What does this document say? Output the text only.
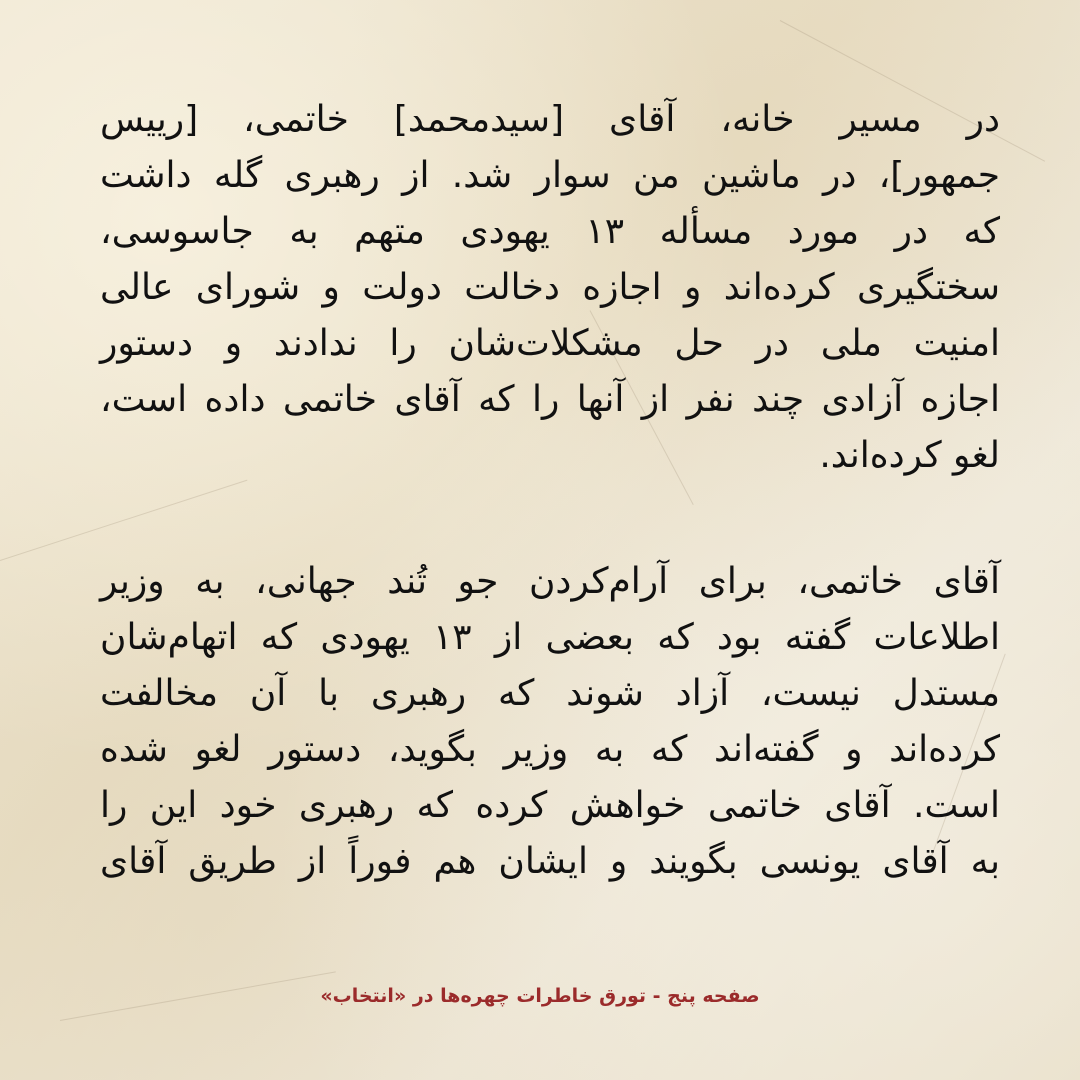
در مسیر خانه، آقای [سیدمحمد] خاتمی، [رییس
جمهور]، در ماشین من سوار شد. از رهبری گله داشت
که در مورد مسأله ۱۳ یهودی متهم به جاسوسی،
سختگیری کرده‌اند و اجازه دخالت دولت و شورای عالی
امنیت ملی در حل مشکلات‌شان را ندادند و دستور
اجازه آزادی چند نفر از آنها را که آقای خاتمی داده است،
لغو کرده‌اند.

آقای خاتمی، برای آرام‌کردن جو تُند جهانی، به وزیر
اطلاعات گفته بود که بعضی از ۱۳ یهودی که اتهام‌شان
مستدل نیست، آزاد شوند که رهبری با آن مخالفت
کرده‌اند و گفته‌اند که به وزیر بگوید، دستور لغو شده
است. آقای خاتمی خواهش کرده که رهبری خود این را
به آقای یونسی بگویند و ایشان هم فوراً از طریق آقای

صفحه پنج - تورق خاطرات چهره‌ها در «انتخاب»
